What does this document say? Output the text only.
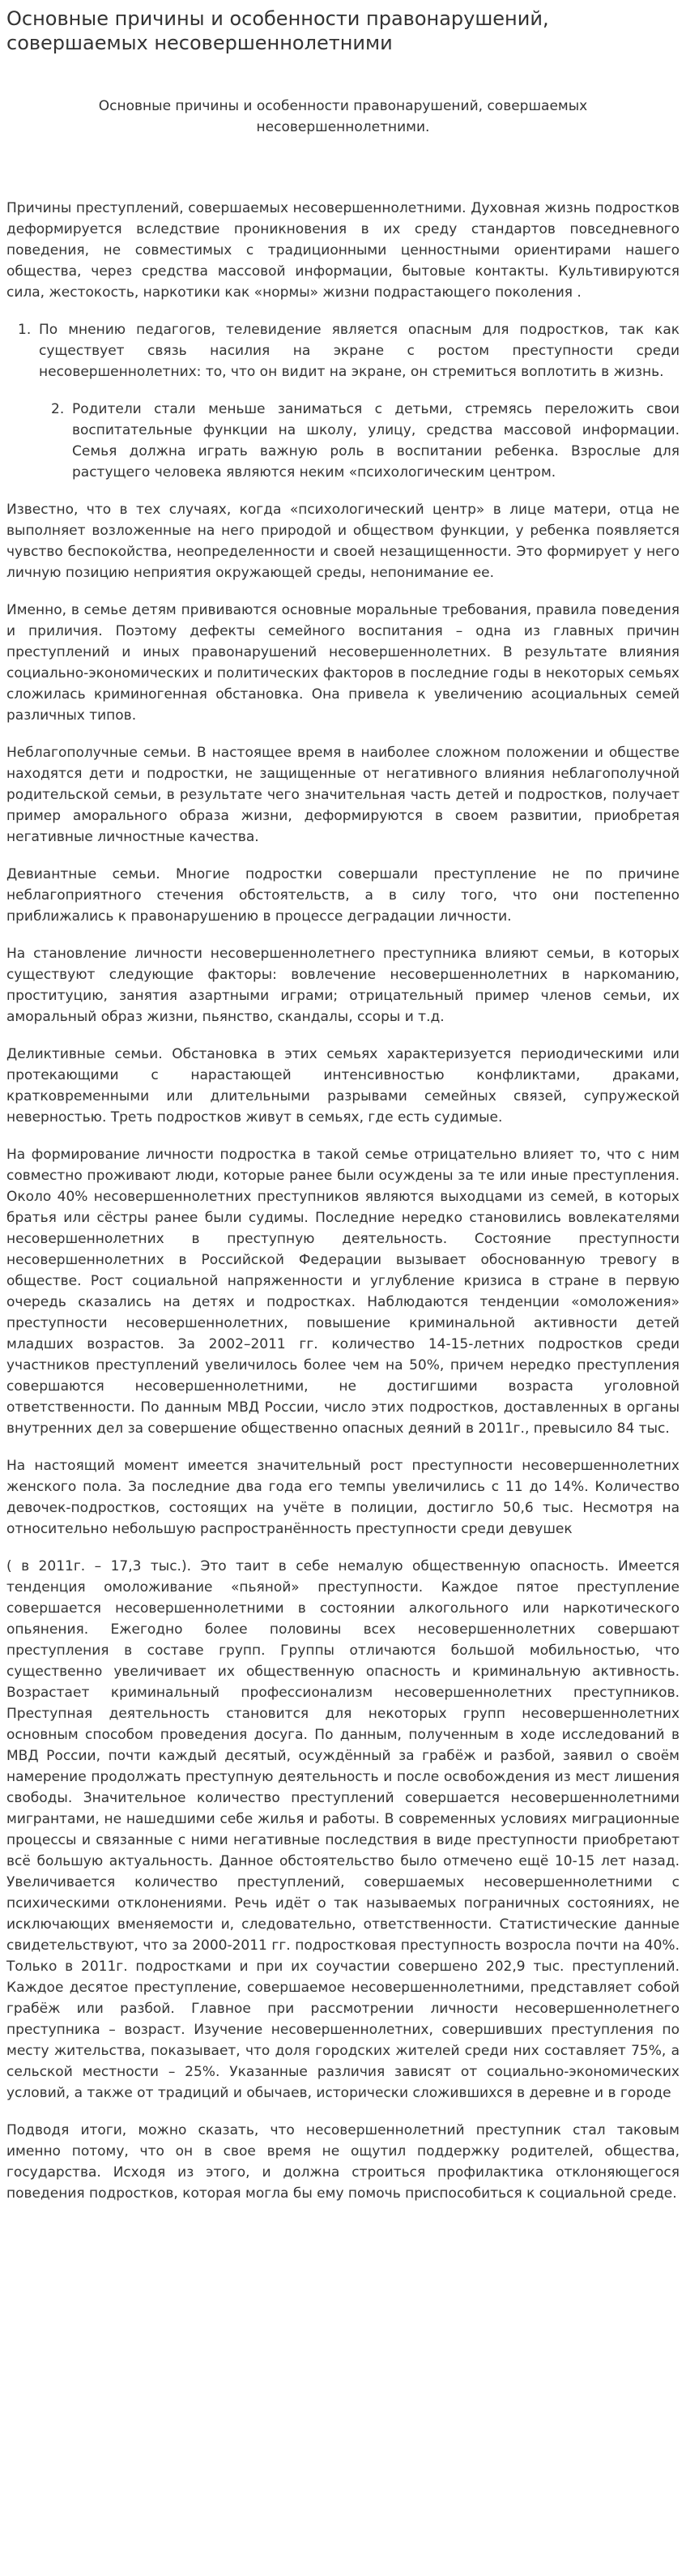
Основные причины и особенности правонарушений, совершаемых несовершеннолетними
Основные причины и особенности правонарушений, совершаемых несовершеннолетними.

Причины преступлений, совершаемых несовершеннолетними. Духовная жизнь подростков деформируется вследствие проникновения в их среду стандартов повседневного поведения, не совместимых с традиционными ценностными ориентирами нашего общества, через средства массовой информации, бытовые контакты. Культивируются сила, жестокость, наркотики как «нормы» жизни подрастающего поколения .

1. По мнению педагогов, телевидение является опасным для подростков, так как существует связь насилия на экране с ростом преступности среди несовершеннолетних: то, что он видит на экране, он стремиться воплотить в жизнь.
2. Родители стали меньше заниматься с детьми, стремясь переложить свои воспитательные функции на школу, улицу, средства массовой информации. Семья должна играть важную роль в воспитании ребенка. Взрослые для растущего человека являются неким «психологическим центром.

Известно, что в тех случаях, когда «психологический центр» в лице матери, отца не выполняет возложенные на него природой и обществом функции, у ребенка появляется чувство беспокойства, неопределенности и своей незащищенности. Это формирует у него личную позицию неприятия окружающей среды, непонимание ее.

Именно, в семье детям прививаются основные моральные требования, правила поведения и приличия. Поэтому дефекты семейного воспитания – одна из главных причин преступлений и иных правонарушений несовершеннолетних. В результате влияния социально-экономических и политических факторов в последние годы в некоторых семьях сложилась криминогенная обстановка. Она привела к увеличению асоциальных семей различных типов.

Неблагополучные семьи. В настоящее время в наиболее сложном положении и обществе находятся дети и подростки, не защищенные от негативного влияния неблагополучной родительской семьи, в результате чего значительная часть детей и подростков, получает пример аморального образа жизни, деформируются в своем развитии, приобретая негативные личностные качества.

Девиантные семьи. Многие подростки совершали преступление не по причине неблагоприятного стечения обстоятельств, а в силу того, что они постепенно приближались к правонарушению в процессе деградации личности.

На становление личности несовершеннолетнего преступника влияют семьи, в которых существуют следующие факторы: вовлечение несовершеннолетних в наркоманию, проституцию, занятия азартными играми; отрицательный пример членов семьи, их аморальный образ жизни, пьянство, скандалы, ссоры и т.д.

Деликтивные семьи. Обстановка в этих семьях характеризуется периодическими или протекающими с нарастающей интенсивностью конфликтами, драками, кратковременными или длительными разрывами семейных связей, супружеской неверностью. Треть подростков живут в семьях, где есть судимые.

На формирование личности подростка в такой семье отрицательно влияет то, что с ним совместно проживают люди, которые ранее были осуждены за те или иные преступления. Около 40% несовершеннолетних преступников являются выходцами из семей, в которых братья или сёстры ранее были судимы. Последние нередко становились вовлекателями несовершеннолетних в преступную деятельность. Состояние преступности несовершеннолетних в Российской Федерации вызывает обоснованную тревогу в обществе. Рост социальной напряженности и углубление кризиса в стране в первую очередь сказались на детях и подростках. Наблюдаются тенденции «омоложения» преступности несовершеннолетних, повышение криминальной активности детей младших возрастов. За 2002–2011 гг. количество 14-15-летних подростков среди участников преступлений увеличилось более чем на 50%, причем нередко преступления совершаются несовершеннолетними, не достигшими возраста уголовной ответственности. По данным МВД России, число этих подростков, доставленных в органы внутренних дел за совершение общественно опасных деяний в 2011г., превысило 84 тыс.

На настоящий момент имеется значительный рост преступности несовершеннолетних женского пола. За последние два года его темпы увеличились с 11 до 14%. Количество девочек-подростков, состоящих на учёте в полиции, достигло 50,6 тыс. Несмотря на относительно небольшую распространённость преступности среди девушек

( в 2011г. – 17,3 тыс.). Это таит в себе немалую общественную опасность. Имеется тенденция омоложивание «пьяной» преступности. Каждое пятое преступление совершается несовершеннолетними в состоянии алкогольного или наркотического опьянения. Ежегодно более половины всех несовершеннолетних совершают преступления в составе групп. Группы отличаются большой мобильностью, что существенно увеличивает их общественную опасность и криминальную активность. Возрастает криминальный профессионализм несовершеннолетних преступников. Преступная деятельность становится для некоторых групп несовершеннолетних основным способом проведения досуга. По данным, полученным в ходе исследований в МВД России, почти каждый десятый, осуждённый за грабёж и разбой, заявил о своём намерение продолжать преступную деятельность и после освобождения из мест лишения свободы. Значительное количество преступлений совершается несовершеннолетними мигрантами, не нашедшими себе жилья и работы. В современных условиях миграционные процессы и связанные с ними негативные последствия в виде преступности приобретают всё большую актуальность. Данное обстоятельство было отмечено ещё 10-15 лет назад. Увеличивается количество преступлений, совершаемых несовершеннолетними с психическими отклонениями. Речь идёт о так называемых пограничных состояниях, не исключающих вменяемости и, следовательно, ответственности. Статистические данные свидетельствуют, что за 2000-2011 гг. подростковая преступность возросла почти на 40%. Только в 2011г. подростками и при их соучастии совершено 202,9 тыс. преступлений. Каждое десятое преступление, совершаемое несовершеннолетними, представляет собой грабёж или разбой. Главное при рассмотрении личности несовершеннолетнего преступника – возраст. Изучение несовершеннолетних, совершивших преступления по месту жительства, показывает, что доля городских жителей среди них составляет 75%, а сельской местности – 25%. Указанные различия зависят от социально-экономических условий, а также от традиций и обычаев, исторически сложившихся в деревне и в городе

Подводя итоги, можно сказать, что несовершеннолетний преступник стал таковым именно потому, что он в свое время не ощутил поддержку родителей, общества, государства. Исходя из этого, и должна строиться профилактика отклоняющегося поведения подростков, которая могла бы ему помочь приспособиться к социальной среде.
